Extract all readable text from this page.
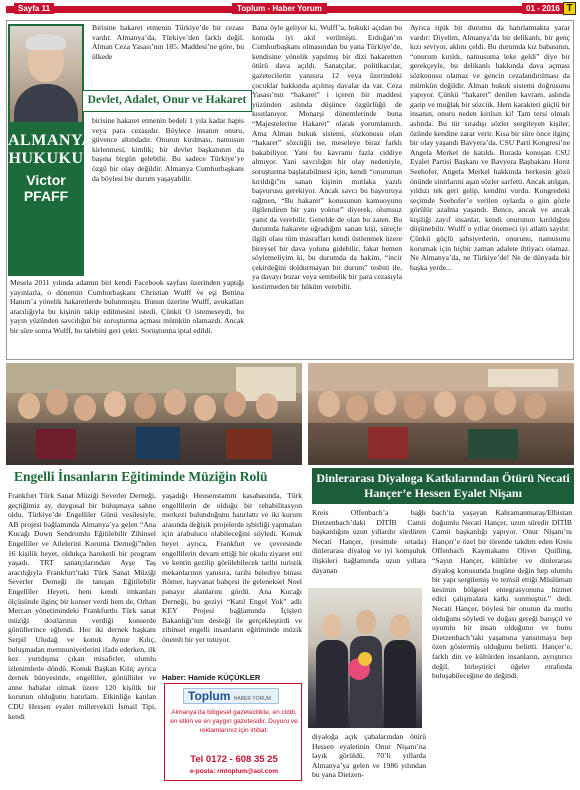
Sayfa 11	Toplum - Haber Yorum	01 - 2016 T
ALMANYA HUKUKU
Victor PFAFF

Birisine hakaret etmenin Türkiye’de bir cezası vardır. Almanya’da, Türkiye’den farklı değil. Alman Ceza Yasası’nın 185. Maddesi’ne göre, bu ülkede

Devlet, Adalet, Onur ve Hakaret

birisine hakaret etmenin bedeli 1 yıla kadar hapis veya para cezasıdır. Böylece insanın onuru, güvence altındadır. Onurun kırılması, namusun kirlenmesi, kimlik; bir devlet başkanının da başına birgün gelebilir. Bu sadece Türkiye’ye özgü bir olay değildir. Almanya Cumhurbaşkanı da böylesi bir durum yaşayabilir.

Mesela 2011 yılında adamın biri kendi Facebook sayfası üzerinden yaptığı yayınlarla, o dönemin Cumhurbaşkanı Christian Wulff ve eşi Bettina Hanım’a yönelik hakaretlerde bulunmuştu. Bunun üzerine Wulff, avukatları aracılığıyla bu kişinin takip edilmesini istedi. Çünkü O istemeseydi, bu yayın yüzünden savcılığın bir soruşturma açması mümkün olamazdı. Ancak bir süre sonra Wulff, bu talebini geri çekti. Soruşturma iptal edildi.

Bana öyle geliyor ki, Wulff’a, hukuki açıdan bu konuda iyi akıl verilmişti. Erdoğan’ın Cumhurbaşkanı olmasından bu yana Türkiye’de, kendisine yönelik yapılmış bir dizi hakaretten ötürü dava açıldı. Sanatçılar, politikacılar, gazetecilerin yanısıra 12 veya üzerindeki çocuklar hakkında açılmış davalar da var. Ceza Yasası’nın “hakaret” i içeren bir maddesi yüzünden aslında düşünce özgürlüğü de kısıtlanıyor. Monarşi dönemlerinde buna “Majestelerine Hakaret” olarak yorumlanırdı. Ama Alman hukuk sistemi, sözkonusu olan “hakaret” sözcüğü ise, meseleye biraz farklı bakabiliyor. Yani bu kavramı fazla ciddiye almıyor. Yani savcılığın bir olay nedeniyle, soruşturma başlatabilmesi için, kendi “onurunun kırıldığı”nı sanan kişinin mutlaka yazılı başvurusu gerekiyor. Ancak savcı bu başvuruya rağmen, “Bu hakaret” konusunun kamuoyunu ilgilendiren bir yanı yoktur” diyerek, olumsuz yanıt da verebilir. Genelde de olan bu zaten. Bu durumda hakarete uğradığını sanan kişi, süreçle ilgili olası tüm masrafları kendi üstlenmek üzere bireysel bir dava yoluna gidebilir, fakat hemen söylemeliyim ki, bu durumda da hakim, “incir çekirdeğini doldurmayan bir durum” tesbiti ile, ya davayı bozar veya sembolik bir para cezasıyla kestirmeden bir hüküm verebilir.

Ayrıca tipik bir durumu da hatırlatmakta yarar vardır: Diyelim, Almanya’da bir delikanlı, bir genç kızı seviyor, aklını çeldi. Bu durumda kız babasının, “onurum kırıldı, namusuma leke geldi” diye bir gerekçeyle, bu delikanlı hakkında dava açması sözkonusu olamaz ve gencin cezalandırılması da mümkün değildir. Alman hukuk sistemi doğrusunu yapıyor. Çünkü “hakaret” denilen kavram, aslında garip ve muğlak bir sözcük. Hem karakteri güçlü bir insanın, onuru neden kırılsın ki! Tam tersi olmalı aslında. Bu tür sıradışı sözler sergileyen kişiler, özünde kendine zarar verir. Kısa bir süre önce ilginç bir olay yaşandı Bavyera’da. CSU Parti Kongresi’ne Angela Merkel de katıldı. Burada konuşan CSU Eyalet Partisi Başkanı ve Bavyera Başbakanı Horst Seehofer, Angela Merkel hakkında herkesin gözü önünde sinirlarıni aşan sözler sarfetti. Ancak atılgan, yıldızı tek geri gelip, kendini vurdu. Kongredeki seçimde Seehofer’e verilen oylarda o gün gözle görülür azalma yaşandı. Bence, ancak ve ancak kişiliği zayıf insanlar, kendi onurunun kırıldığını düşünebilir. Wulff o yıllar önemeci iyi atlattı sayılır. Çünkü güçlü şahsiyetlerin, onurunu, namusunu korumak için hiçbir zaman adalete ihtiyacı olamaz. Ne Almanya’da, ne Türkiye’de! Ne de dünyada bir başka yerde...

Engelli İnsanların Eğitiminde Müziğin Rolü	Dinlerarası Diyaloga Katkılarından Ötürü Necati Hançer’e Hessen Eyalet Nişanı

Frankfurt Türk Sanat Müziği Severler Derneği, geçtiğimiz ay, duygusal bir buluşmaya sahne oldu. Türkiye’de Engelliler Günü vesilesiyle, AB projesi bağlamında Almanya’ya gelen “Ana Kucağı Down Sendromlu Eğitilebilir Zihinsel Engelliler ve Ailelerini Koruma Derneği”nden 16 kişilik heyet, oldukça hareketli bir program yaşadı. TRT sanatçılarından Ayşe Taş aracılığıyla Frankfurt’taki Türk Sanat Müziği Severler Derneği ile tanışan Eğitilebilir Engelliler Heyeti, hem kendi imkanları ölçüsünde ilginç bir konser verdi hem de, Orhan Mercan yönetimindeki Frankfurtlu Türk sanat müziği dostlarının verdiği konserde gönüllerince eğlendi. Her iki dernek başkanı Serpil Uludağ ve konuk Aynur Kılıç, buluşmadan memnuniyetlerini ifade ederken, ilk kez yurtdışına çıkan misafirler, olumlu izlenimlerle döndü. Konuk Başkan Kılıç ayrıca dernek bünyesinde, engelliler, gönüllüler ve anne babalar olmak üzere 120 kişilik bir korunun olduğunu hatırlattı. Etkinliğe katılan CDU Hessen eyalet milletvekili İsmail Tipi, kendi

yaşadığı Heusenstamm kasabasında, Türk engellilerin de olduğu bir rehabilitasyon merkezi bulunduğunu hatırlattı ve iki kurum arasında değişik projelerde işbirliği yapmaları için arabulucu olabileceğini söyledi. Konuk heyet ayrıca, Frankfurt ve çevresinde engellilerin devam ettiği bir okulu ziyaret etti ve kentin gezilip görülebilecek tarihi turistik mekanlarının yanısıra, tarihi belediye binası Römer, hayvanat bahçesi ile geleneksel Noel panayır alanlarını gördü. Ana Kucağı Derneği, bu geziyi “Katıl Engel Yok” adlı KEY Projesi bağlamında İçişleri Bakanlığı’nın desteği ile gerçekleştirdi ve zihinsel engelli insanların eğitiminde müzik önemli bir yer tutuyor.

Haber: Hamide KÜÇÜKLER
Toplum HABER YORUM
Almanya’da bölgesel gazetecilikte, en ciddi, en etkin ve en yaygın gazetesidir. Duyuru ve reklamlarınız için irtibat:
Tel 0172 - 608 35 25
e-posta: rmtoplum@aol.com

Kreis Offenbach’a bağlı Dietzenbach’daki DİTİB Camii başkanlığını uzun yıllardır sürdüren Necati Hançer, (resimde ortada) dinlerarası diyalog ve iyi komşuluk ilişkileri bağlamında uzun yıllara dayanan

diyaloğa açık çabalarından ötürü Hessen eyaletinin Onur Nişanı’na layık görüldü. 70’li yıllarda Almanya’ya gelen ve 1986 yılından bu yana Dietzen-

bach’ta yaşayan Kahramanmaraş/Elbistan doğumlu Necati Hançer, uzun süredir DİTİB Camii başkanlığı yapıyor. Onur Nişanı’nı Hançer’e özel bir törende takdim eden Kreis Offenbach Kaymakamı Oliver Quilling, “Sayın Hançer, kültürler ve dinlerarası diyalog konusunda bugüne değin hep olumlu bir yapı sergilemiş ve temsil ettiği Müslüman kesimin bölgesel entegrasyonuna hizmet edici çalışmalara katkı sunmuştur.” dedi. Necati Hançer, böylesi bir onurun da mutlu olduğunu söyledi ve doğası gereği barışçıl ve uyumlu bir insan olduğunu ve bunu Dietzenbach’taki yaşamına yansıtmaya hep özen göstermiş olduğunu belirtti. Hançer’e, farklı din ve kültürden insanların, ayrıştırıcı değil, birleştirici öğeler etrafında buluşabileceğine de değindi.
